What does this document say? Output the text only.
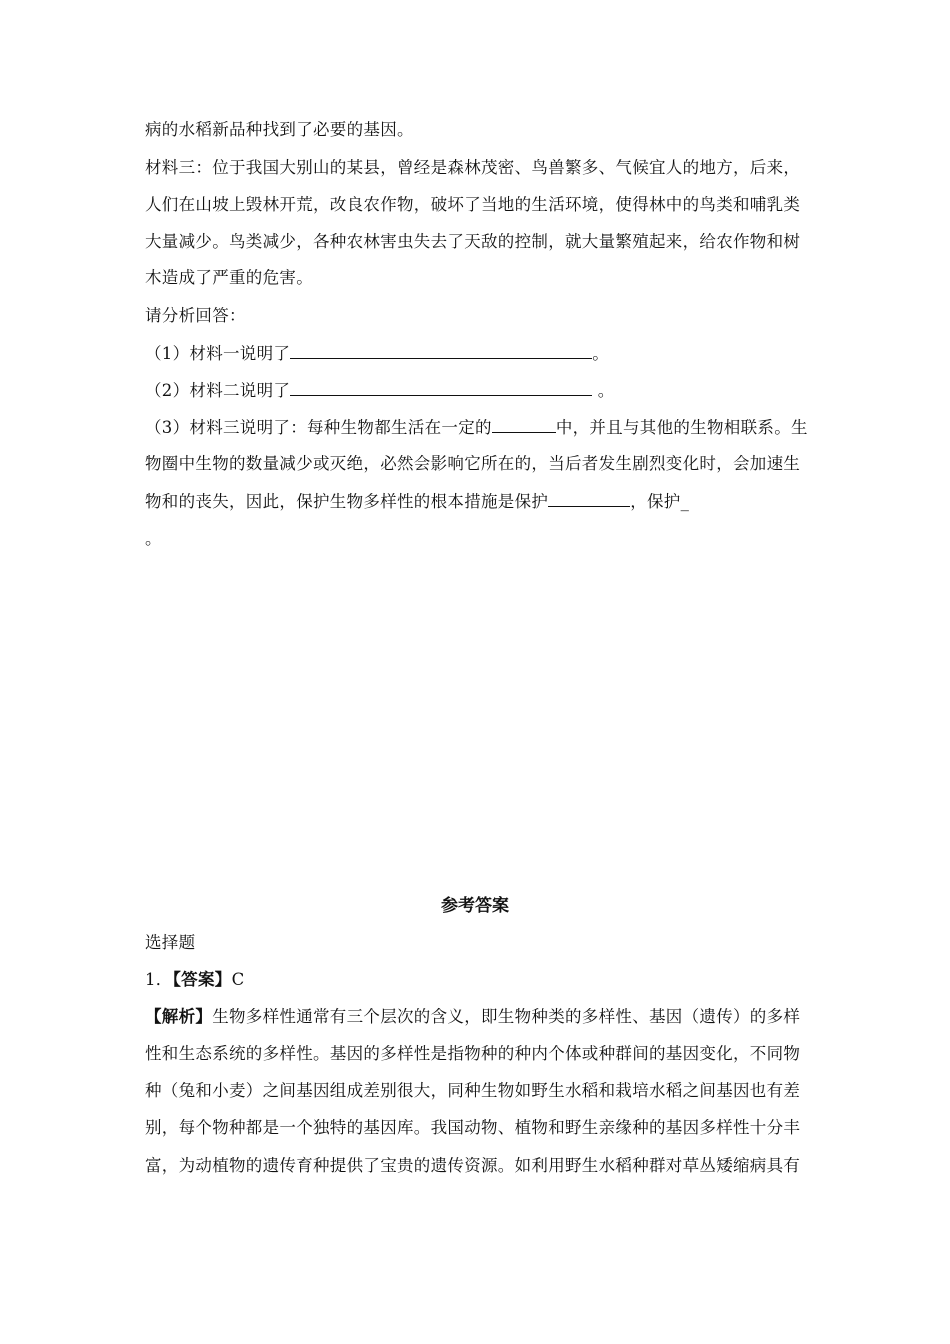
病的水稻新品种找到了必要的基因。
材料三：位于我国大别山的某县，曾经是森林茂密、鸟兽繁多、气候宜人的地方，后来，
人们在山坡上毁林开荒，改良农作物，破坏了当地的生活环境，使得林中的鸟类和哺乳类
大量减少。鸟类减少，各种农林害虫失去了天敌的控制，就大量繁殖起来，给农作物和树
木造成了严重的危害。
请分析回答：
（1）材料一说明了	。
（2）材料二说明了	。
（3）材料三说明了：每种生物都生活在一定的	中，并且与其他的生物相联系。生
物圈中生物的数量减少或灭绝，必然会影响它所在的，当后者发生剧烈变化时，会加速生
物和的丧失，因此，保护生物多样性的根本措施是保护	，保护_
。
参考答案
选择题
1．【答案】C
【解析】生物多样性通常有三个层次的含义，即生物种类的多样性、基因（遗传）的多样
性和生态系统的多样性。基因的多样性是指物种的种内个体或种群间的基因变化，不同物
种（兔和小麦）之间基因组成差别很大，同种生物如野生水稻和栽培水稻之间基因也有差
别，每个物种都是一个独特的基因库。我国动物、植物和野生亲缘种的基因多样性十分丰
富，为动植物的遗传育种提供了宝贵的遗传资源。如利用野生水稻种群对草丛矮缩病具有
